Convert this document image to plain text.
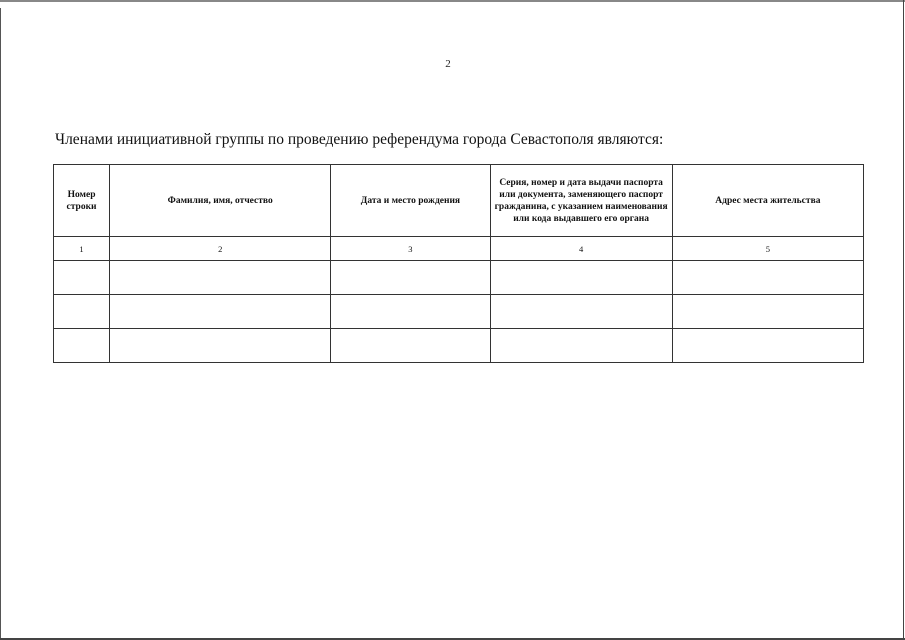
2
Членами инициативной группы по проведению референдума города Севастополя являются:
Номер строки	Фамилия, имя, отчество	Дата и место рождения	Серия, номер и дата выдачи паспорта или документа, заменяющего паспорт гражданина, с указанием наименования или кода выдавшего его органа	Адрес места жительства
1	2	3	4	5
